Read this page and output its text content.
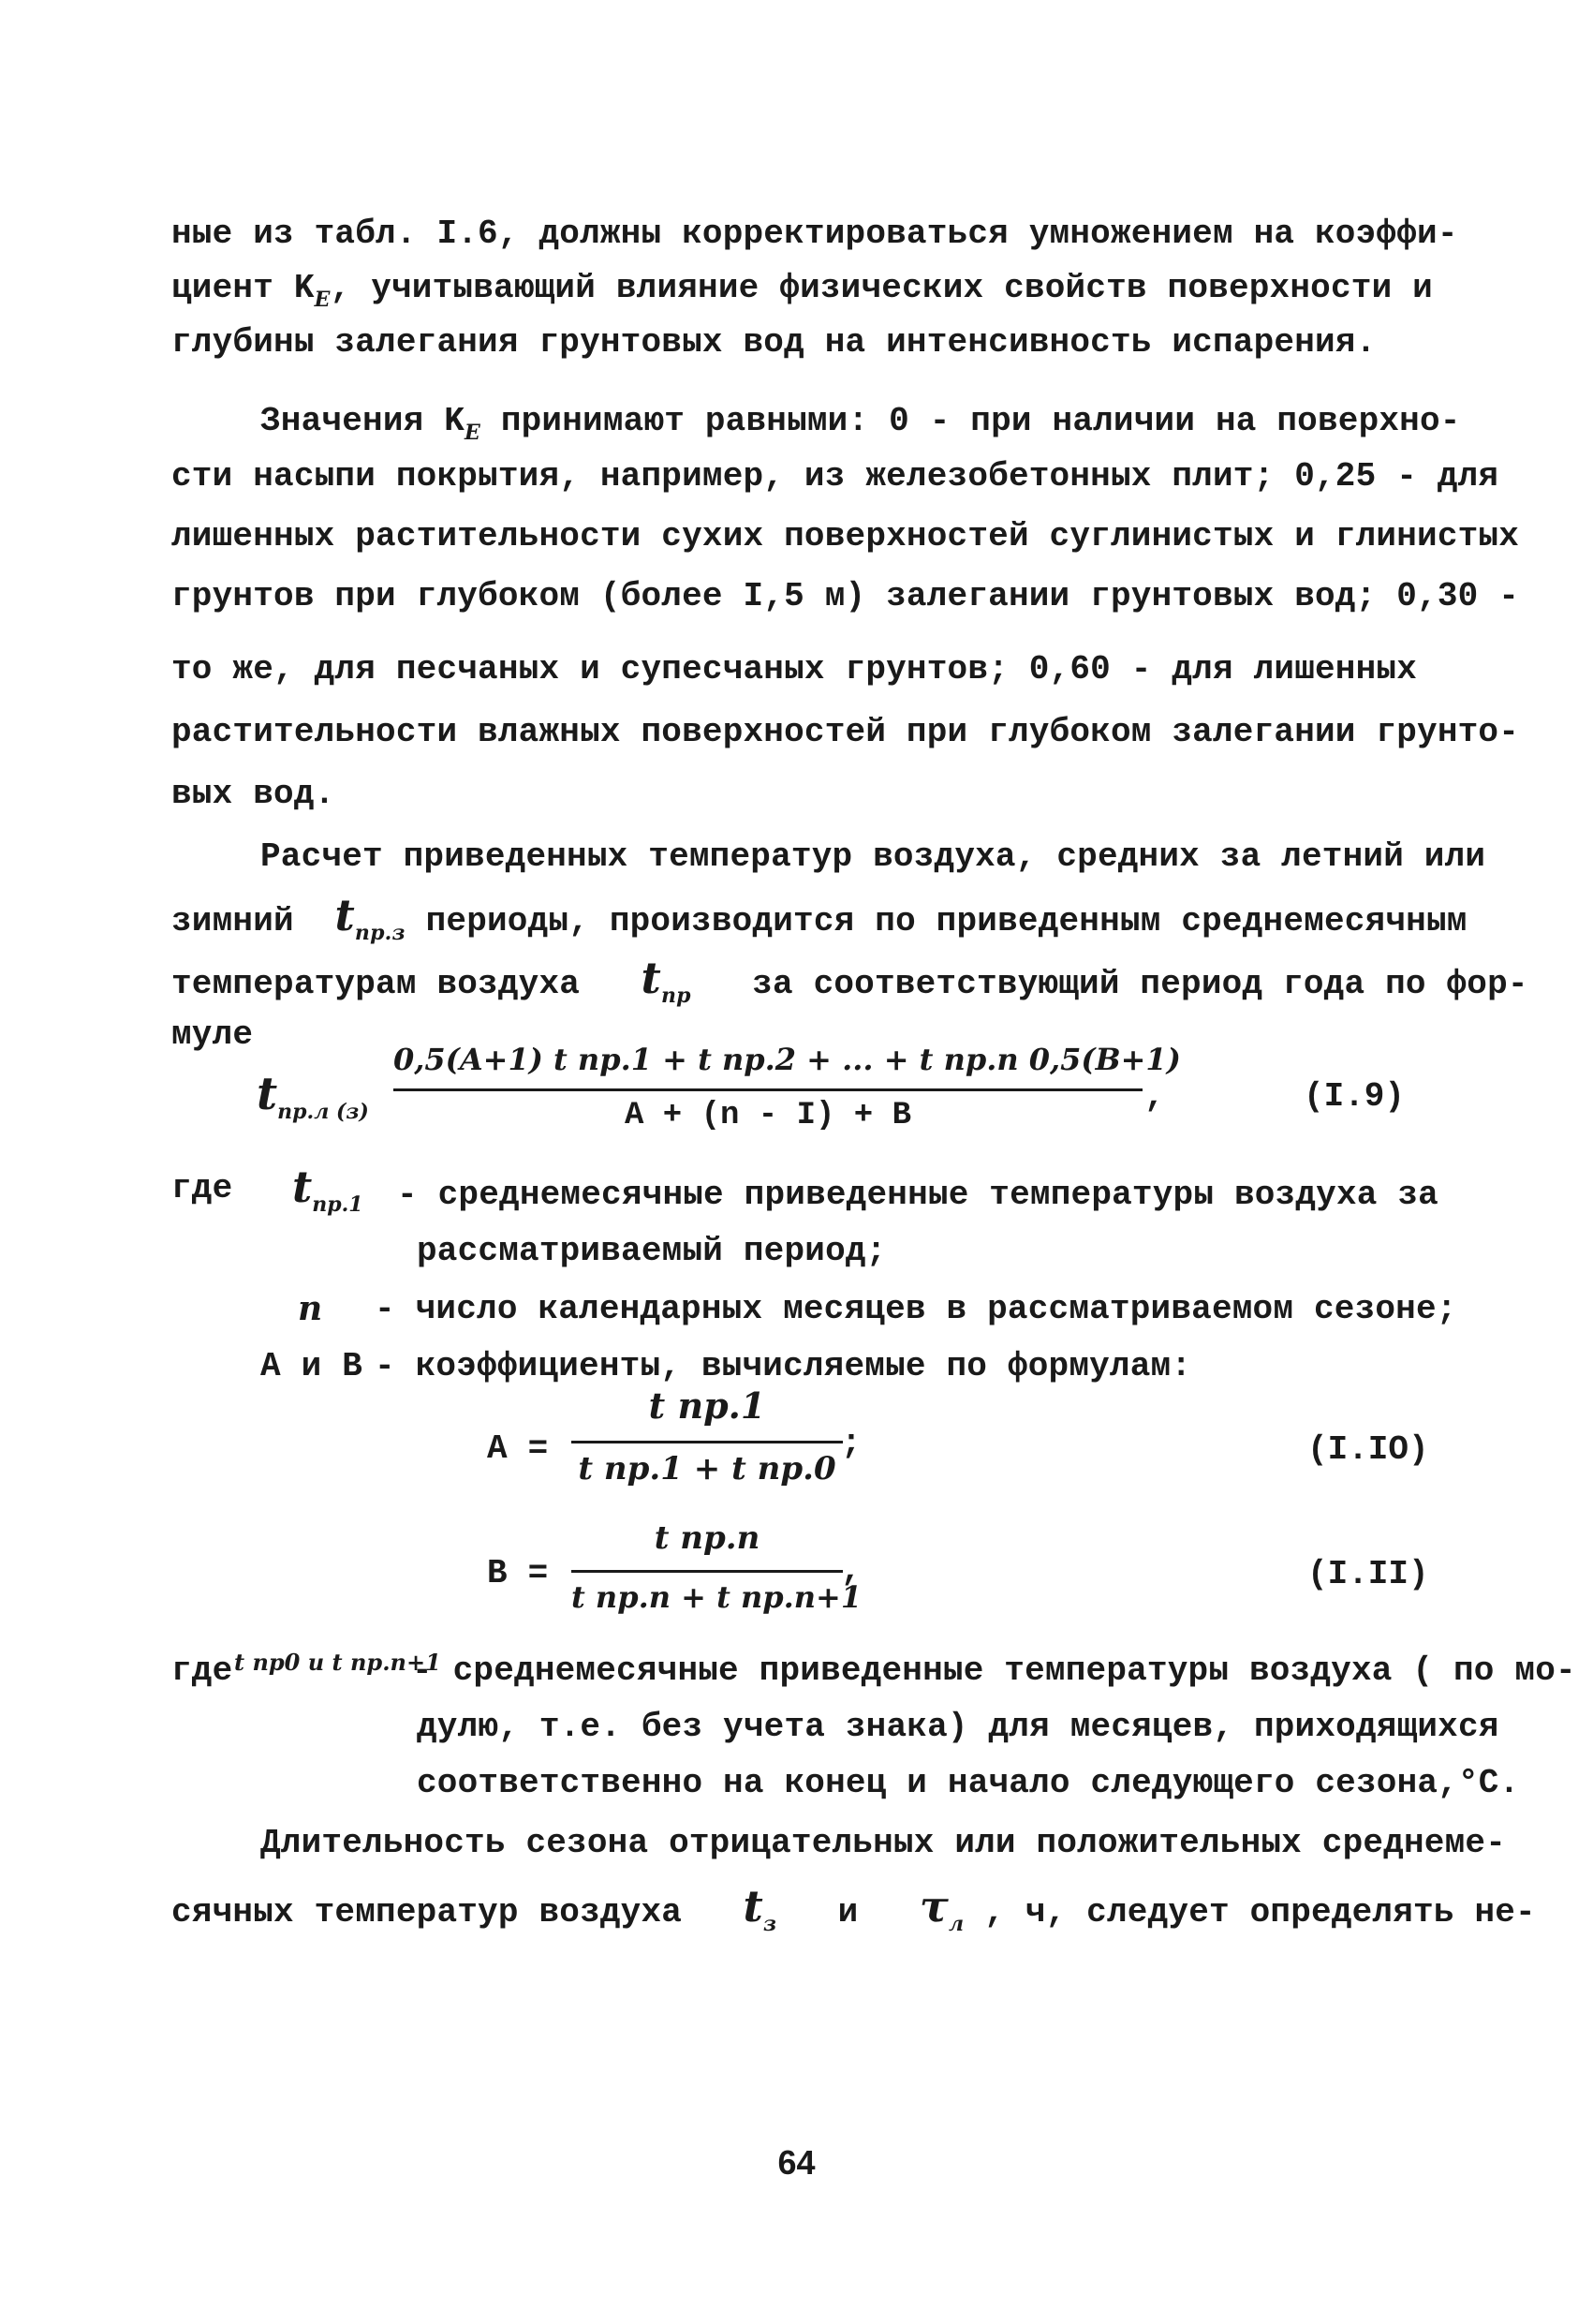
ные из табл. I.6, должны корректироваться умножением на коэффи-
циент $K_E$, учитывающий влияние физических свойств поверхности и
глубины залегания грунтовых вод на интенсивность испарения.
Значения $K_E$ принимают равными: 0 - при наличии на поверхно-
сти насыпи покрытия, например, из железобетонных плит; 0,25 - для
лишенных растительности сухих поверхностей суглинистых и глинистых
грунтов при глубоком (более I,5 м) залегании грунтовых вод; 0,30 -
то же, для песчаных и супесчаных грунтов; 0,60 - для лишенных
растительности влажных поверхностей при глубоком залегании грунто-
вых вод.
Расчет приведенных температур воздуха, средних за летний или
зимний $t_{пр.з}$ периоды, производится по приведенным среднемесячным
температурам воздуха $t_{пр}$ за соответствующий период года по фор-
муле
$t_{пр.л (з)}$
0,5(A+1) t пр.1 + t пр.2 + ... + t пр.n 0,5(B+1)
A + (n - I) + B	,	(I.9)
где $t_{пр.1}$ - среднемесячные приведенные температуры воздуха за
рассматриваемый период;
n - число календарных месяцев в рассматриваемом сезоне;
A и B - коэффициенты, вычисляемые по формулам:
A =
t пр.1
t пр.1 + t пр.0
;	(I.IO)
B =
t пр.n
t пр.n + t пр.n+1
,	(I.II)
где t пр0 и t пр.n+1
- среднемесячные приведенные температуры воздуха ( по мо-
дулю, т.е. без учета знака) для месяцев, приходящихся
соответственно на конец и начало следующего сезона,°C.
Длительность сезона отрицательных или положительных среднеме-
сячных температур воздуха $t_з$ и $\tau_л$ , ч, следует определять не-
64
